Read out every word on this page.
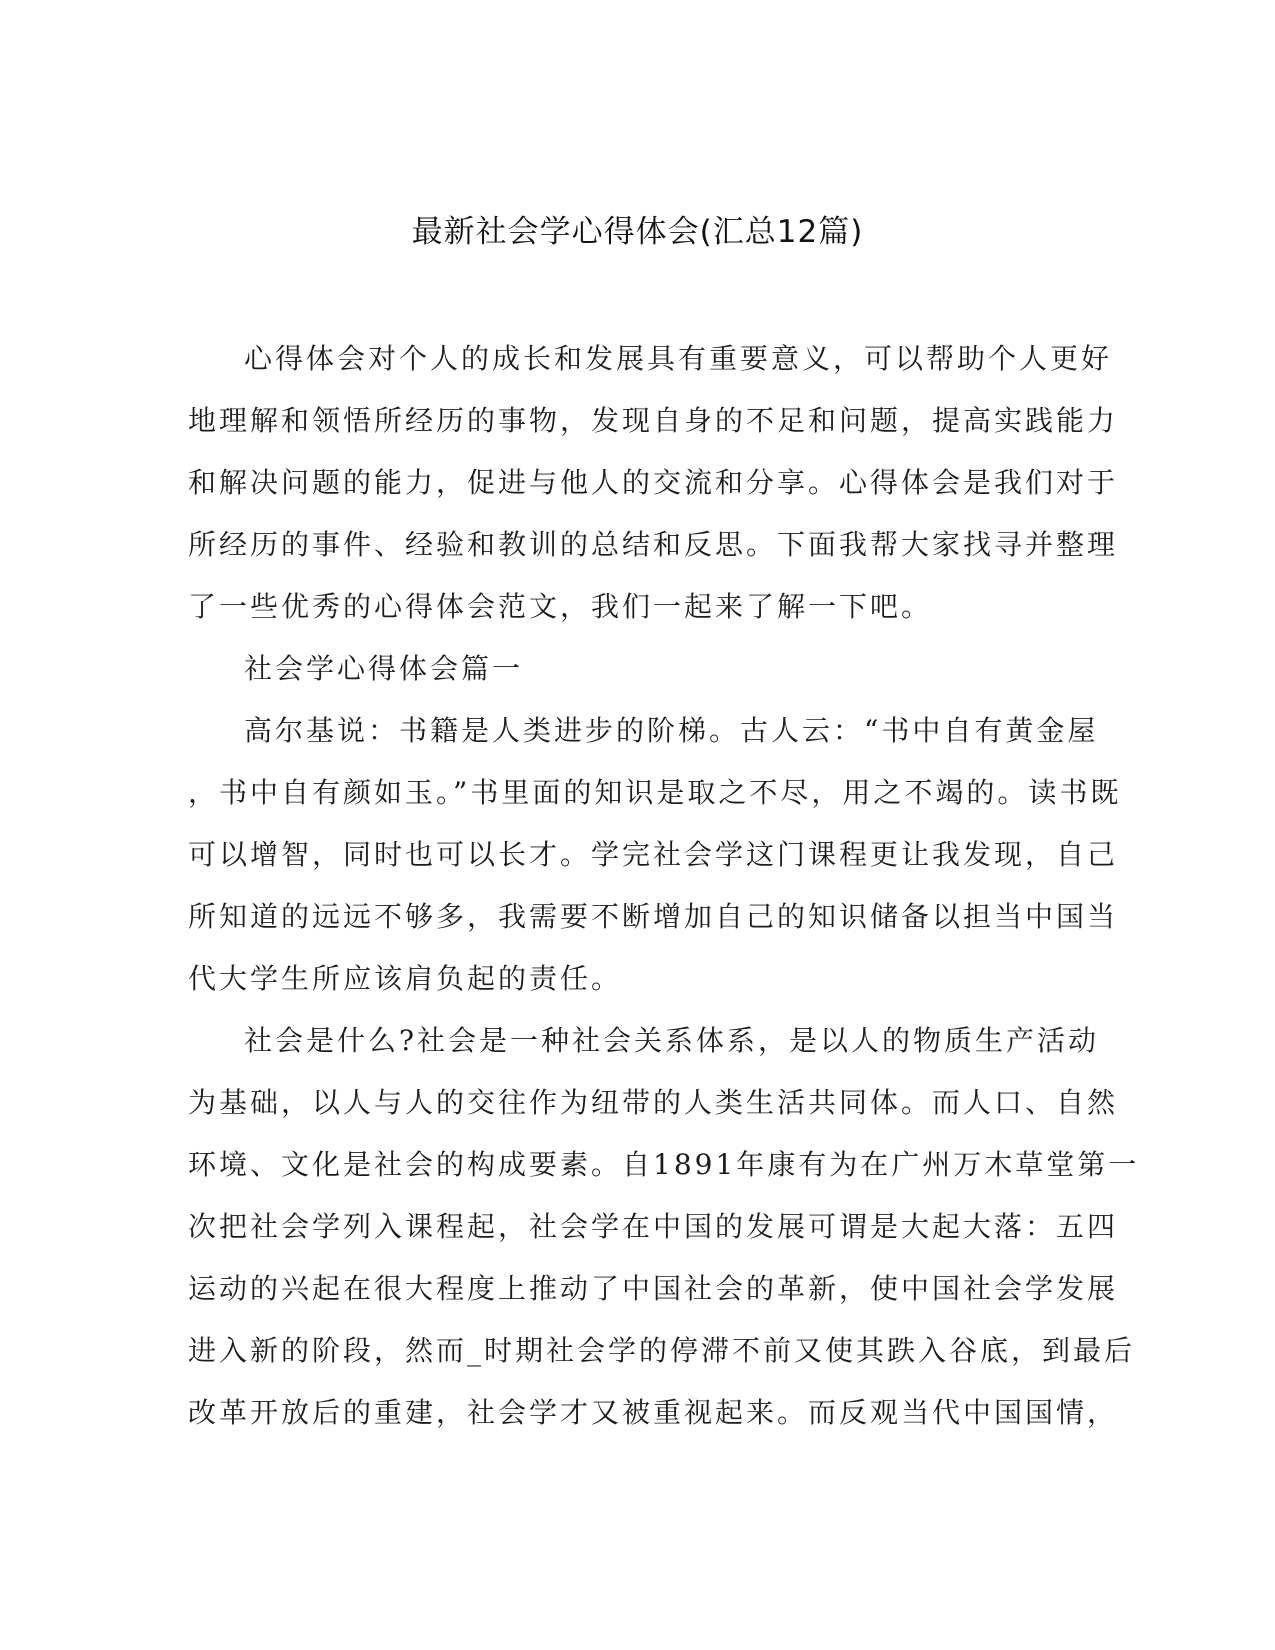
最新社会学心得体会(汇总12篇)

心得体会对个人的成长和发展具有重要意义，可以帮助个人更好
地理解和领悟所经历的事物，发现自身的不足和问题，提高实践能力
和解决问题的能力，促进与他人的交流和分享。心得体会是我们对于
所经历的事件、经验和教训的总结和反思。下面我帮大家找寻并整理
了一些优秀的心得体会范文，我们一起来了解一下吧。

社会学心得体会篇一

高尔基说：书籍是人类进步的阶梯。古人云：“书中自有黄金屋
，书中自有颜如玉。”书里面的知识是取之不尽，用之不竭的。读书既
可以增智，同时也可以长才。学完社会学这门课程更让我发现，自己
所知道的远远不够多，我需要不断增加自己的知识储备以担当中国当
代大学生所应该肩负起的责任。

社会是什么?社会是一种社会关系体系，是以人的物质生产活动
为基础，以人与人的交往作为纽带的人类生活共同体。而人口、自然
环境、文化是社会的构成要素。自1891年康有为在广州万木草堂第一
次把社会学列入课程起，社会学在中国的发展可谓是大起大落：五四
运动的兴起在很大程度上推动了中国社会的革新，使中国社会学发展
进入新的阶段，然而_时期社会学的停滞不前又使其跌入谷底，到最后
改革开放后的重建，社会学才又被重视起来。而反观当代中国国情，
